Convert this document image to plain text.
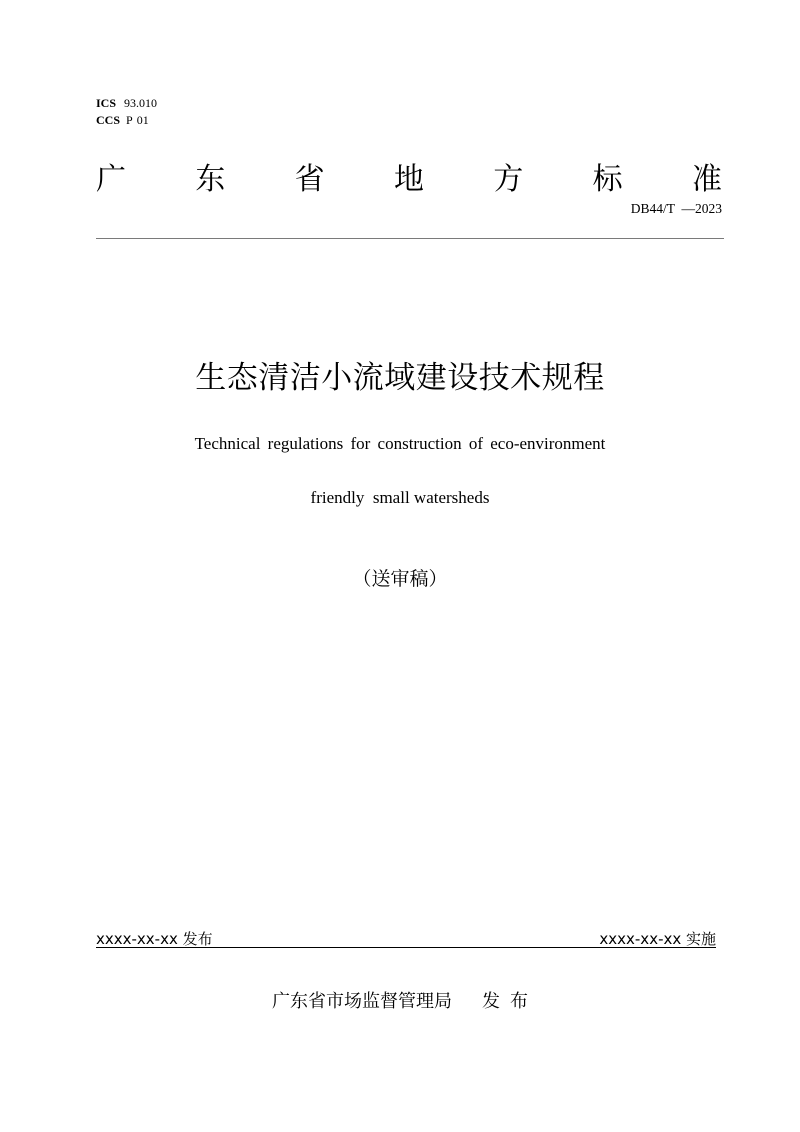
ICS 93.010
CCS P 01
广 东 省 地 方 标 准
DB44/T  —2023
生态清洁小流域建设技术规程
Technical regulations for construction of eco-environment
friendly  small watersheds
（送审稿）
xxxx-xx-xx 发布	xxxx-xx-xx 实施
广东省市场监督管理局 发 布
